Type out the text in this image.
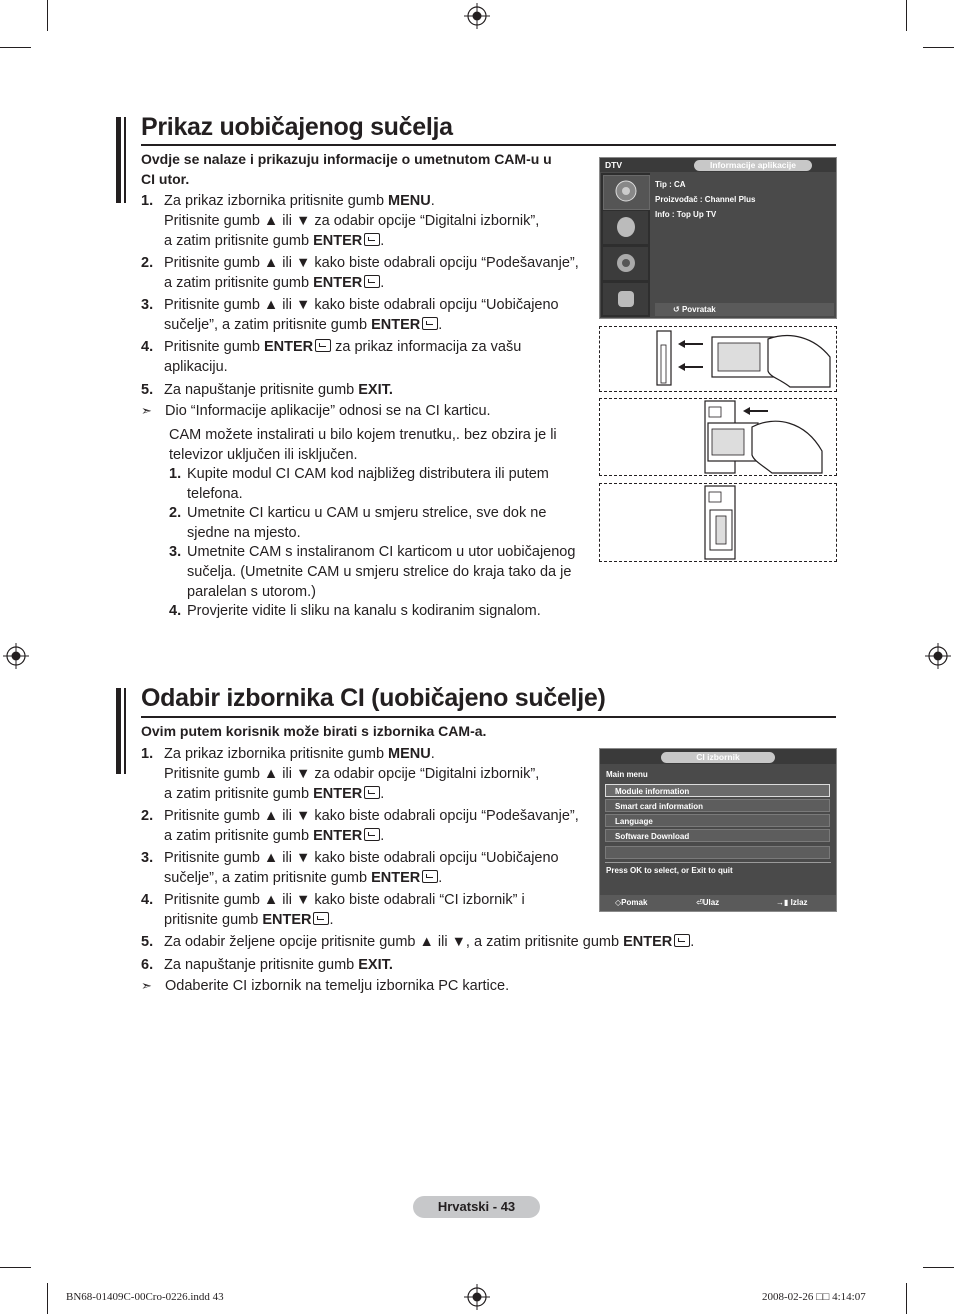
Prikaz uobičajenog sučelja
Ovdje se nalaze i prikazuju informacije o umetnutom CAM-u u
CI utor.
1. Za prikaz izbornika pritisnite gumb MENU.
Pritisnite gumb ▲ ili ▼ za odabir opcije “Digitalni izbornik”,
a zatim pritisnite gumb ENTER .
2. Pritisnite gumb ▲ ili ▼ kako biste odabrali opciju “Podešavanje”,
a zatim pritisnite gumb ENTER .
3. Pritisnite gumb ▲ ili ▼ kako biste odabrali opciju “Uobičajeno
sučelje”, a zatim pritisnite gumb ENTER .
4. Pritisnite gumb ENTER za prikaz informacija za vašu
aplikaciju.
5. Za napuštanje pritisnite gumb EXIT.
➣ Dio “Informacije aplikacije” odnosi se na CI karticu.
CAM možete instalirati u bilo kojem trenutku,. bez obzira je li
televizor uključen ili isključen.
1. Kupite modul CI CAM kod najbližeg distributera ili putem
telefona.
2. Umetnite CI karticu u CAM u smjeru strelice, sve dok ne
sjedne na mjesto.
3. Umetnite CAM s instaliranom CI karticom u utor uobičajenog
sučelja. (Umetnite CAM u smjeru strelice do kraja tako da je
paralelan s utorom.)
4. Provjerite vidite li sliku na kanalu s kodiranim signalom.
DTV	Informacije aplikacije
Tip : CA
Proizvođač : Channel Plus
Info : Top Up TV
↺ Povratak
Odabir izbornika CI (uobičajeno sučelje)
Ovim putem korisnik može birati s izbornika CAM-a.
1. Za prikaz izbornika pritisnite gumb MENU.
Pritisnite gumb ▲ ili ▼ za odabir opcije “Digitalni izbornik”,
a zatim pritisnite gumb ENTER .
2. Pritisnite gumb ▲ ili ▼ kako biste odabrali opciju “Podešavanje”,
a zatim pritisnite gumb ENTER .
3. Pritisnite gumb ▲ ili ▼ kako biste odabrali opciju “Uobičajeno
sučelje”, a zatim pritisnite gumb ENTER .
4. Pritisnite gumb ▲ ili ▼ kako biste odabrali “CI izbornik” i
pritisnite gumb ENTER .
5. Za odabir željene opcije pritisnite gumb ▲ ili ▼, a zatim pritisnite gumb ENTER .
6. Za napuštanje pritisnite gumb EXIT.
➣ Odaberite CI izbornik na temelju izbornika PC kartice.
CI izbornik
Main menu
Module information
Smart card information
Language
Software Download
Press OK to select, or Exit to quit
◇Pomak	⏎Ulaz	→▮ Izlaz
Hrvatski - 43
BN68-01409C-00Cro-0226.indd 43	2008-02-26 □□ 4:14:07
